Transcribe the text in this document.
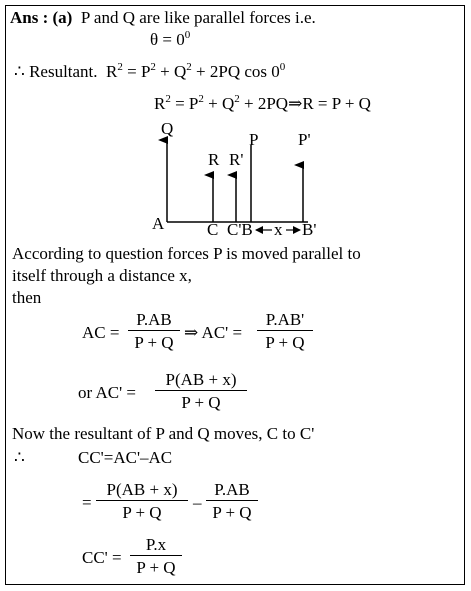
Ans : (a) P and Q are like parallel forces i.e.
$\theta = 0^0$
∴ Resultant. $R^2 = P^2 + Q^2 + 2PQ$ $\cos 0^0$
$R^2 = P^2 + Q^2$ + 2PQ⇒R = P + Q
Q
R R'
P P'
A	C C'B x B'
According to question forces P is moved parallel to
itself through a distance x,
then
AC = $\frac{P.AB}{P + Q}$ ⇒ $AC' = \frac{P.AB'}{P + Q}$
or $AC' = \frac{P(AB + x)}{P + Q}$
Now the resultant of P and Q moves, C to C'
∴	CC'=AC'–AC
= $\frac{P(AB + x)}{P + Q} - \frac{P.AB}{P + Q}$
$CC' = \frac{P.x}{P + Q}$
